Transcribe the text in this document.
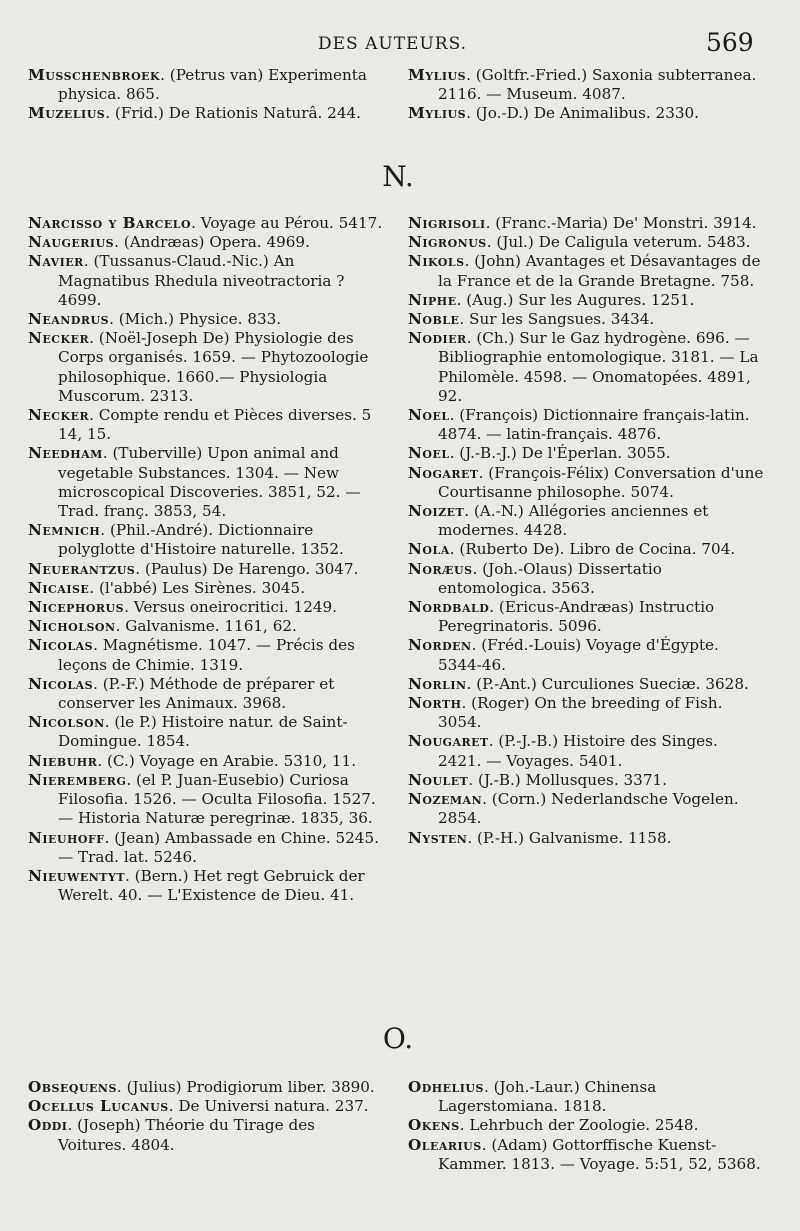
DES AUTEURS.	569

Musschenbroek. (Petrus van) Experimenta physica. 865.

Muzelius. (Frid.) De Rationis Naturâ. 244.

Mylius. (Goltfr.-Fried.) Saxonia subterranea. 2116. — Museum. 4087.

Mylius. (Jo.-D.) De Animalibus. 2330.

N.

Narcisso y Barcelo. Voyage au Pérou. 5417.

Naugerius. (Andræas) Opera. 4969.

Navier. (Tussanus-Claud.-Nic.) An Magnatibus Rhedula niveotractoria ? 4699.

Neandrus. (Mich.) Physice. 833.

Necker. (Noël-Joseph De) Physiologie des Corps organisés. 1659. — Phytozoologie philosophique. 1660.— Physiologia Muscorum. 2313.

Necker. Compte rendu et Pièces diverses. 5 14, 15.

Needham. (Tuberville) Upon animal and vegetable Substances. 1304. — New microscopical Discoveries. 3851, 52. — Trad. franç. 3853, 54.

Nemnich. (Phil.-André). Dictionnaire polyglotte d'Histoire naturelle. 1352.

Neuerantzus. (Paulus) De Harengo. 3047.

Nicaise. (l'abbé) Les Sirènes. 3045.

Nicephorus. Versus oneirocritici. 1249.

Nicholson. Galvanisme. 1161, 62.

Nicolas. Magnétisme. 1047. — Précis des leçons de Chimie. 1319.

Nicolas. (P.-F.) Méthode de préparer et conserver les Animaux. 3968.

Nicolson. (le P.) Histoire natur. de Saint-Domingue. 1854.

Niebuhr. (C.) Voyage en Arabie. 5310, 11.

Nieremberg. (el P. Juan-Eusebio) Curiosa Filosofia. 1526. — Oculta Filosofia. 1527. — Historia Naturæ peregrinæ. 1835, 36.

Nieuhoff. (Jean) Ambassade en Chine. 5245. — Trad. lat. 5246.

Nieuwentyt. (Bern.) Het regt Gebruick der Werelt. 40. — L'Existence de Dieu. 41.

Nigrisoli. (Franc.-Maria) De' Monstri. 3914.

Nigronus. (Jul.) De Caligula veterum. 5483.

Nikols. (John) Avantages et Désavantages de la France et de la Grande Bretagne. 758.

Niphe. (Aug.) Sur les Augures. 1251.

Noble. Sur les Sangsues. 3434.

Nodier. (Ch.) Sur le Gaz hydrogène. 696. — Bibliographie entomologique. 3181. — La Philomèle. 4598. — Onomatopées. 4891, 92.

Noel. (François) Dictionnaire français-latin. 4874. — latin-français. 4876.

Noel. (J.-B.-J.) De l'Éperlan. 3055.

Nogaret. (François-Félix) Conversation d'une Courtisanne philosophe. 5074.

Noizet. (A.-N.) Allégories anciennes et modernes. 4428.

Nola. (Ruberto De). Libro de Cocina. 704.

Noræus. (Joh.-Olaus) Dissertatio entomologica. 3563.

Nordbald. (Ericus-Andræas) Instructio Peregrinatoris. 5096.

Norden. (Fréd.-Louis) Voyage d'Égypte. 5344-46.

Norlin. (P.-Ant.) Curculiones Sueciæ. 3628.

North. (Roger) On the breeding of Fish. 3054.

Nougaret. (P.-J.-B.) Histoire des Singes. 2421. — Voyages. 5401.

Noulet. (J.-B.) Mollusques. 3371.

Nozeman. (Corn.) Nederlandsche Vogelen. 2854.

Nysten. (P.-H.) Galvanisme. 1158.

O.

Obsequens. (Julius) Prodigiorum liber. 3890.

Ocellus Lucanus. De Universi natura. 237.

Oddi. (Joseph) Théorie du Tirage des Voitures. 4804.

Odhelius. (Joh.-Laur.) Chinensa Lagerstomiana. 1818.

Okens. Lehrbuch der Zoologie. 2548.

Olearius. (Adam) Gottorffische Kuenst-Kammer. 1813. — Voyage. 5:51, 52, 5368.
